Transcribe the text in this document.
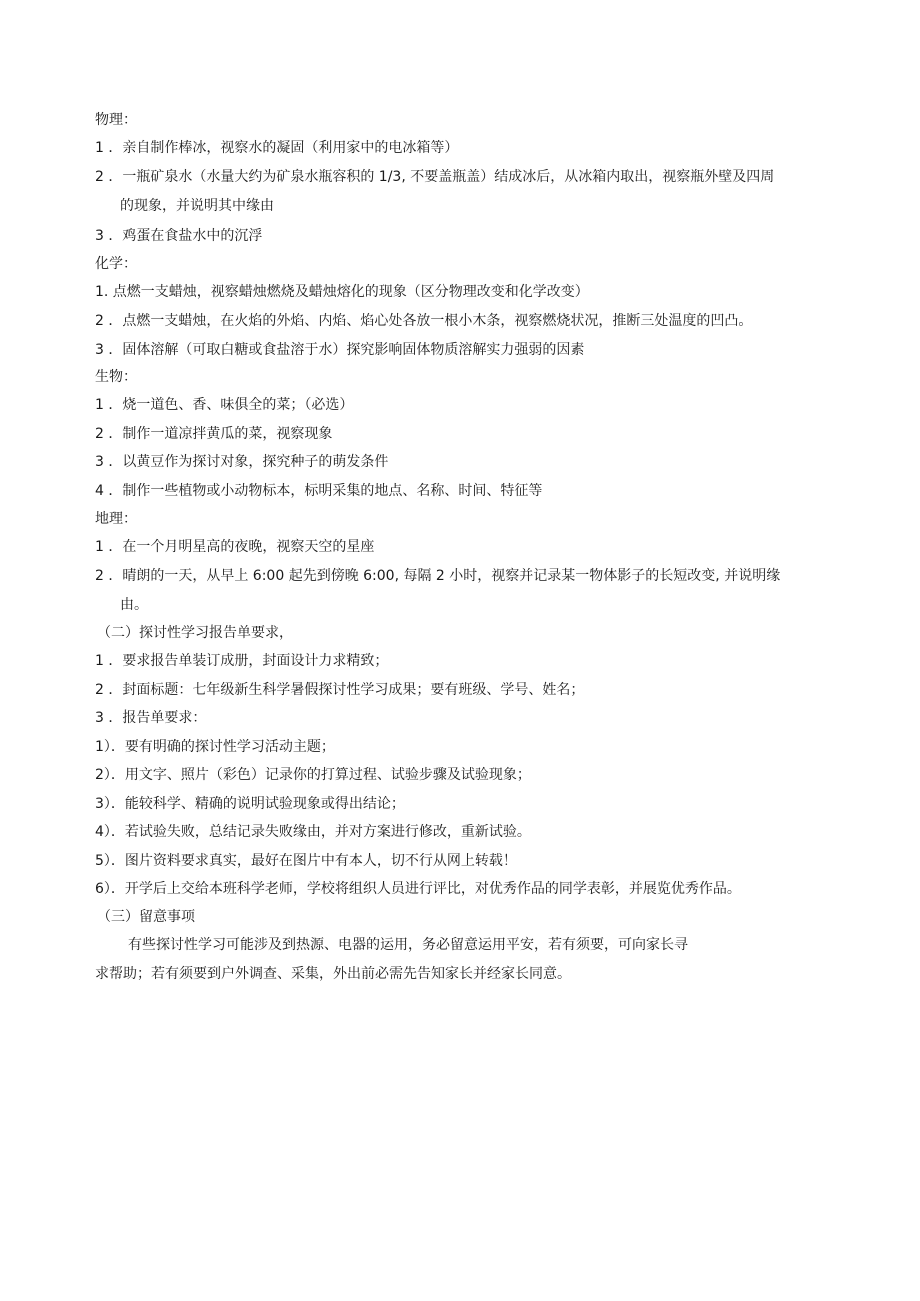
物理：
1 ．亲自制作棒冰，视察水的凝固（利用家中的电冰箱等）
2 ．一瓶矿泉水（水量大约为矿泉水瓶容积的 1/3, 不要盖瓶盖）结成冰后，从冰箱内取出，视察瓶外壁及四周
的现象，并说明其中缘由
3 ．鸡蛋在食盐水中的沉浮
化学：
1. 点燃一支蜡烛，视察蜡烛燃烧及蜡烛熔化的现象（区分物理改变和化学改变）
2 ．点燃一支蜡烛，在火焰的外焰、内焰、焰心处各放一根小木条，视察燃烧状况，推断三处温度的凹凸。
3 ．固体溶解（可取白糖或食盐溶于水）探究影响固体物质溶解实力强弱的因素
生物：
1 ．烧一道色、香、味俱全的菜；（必选）
2 ．制作一道凉拌黄瓜的菜，视察现象
3 ．以黄豆作为探讨对象，探究种子的萌发条件
4 ．制作一些植物或小动物标本，标明采集的地点、名称、时间、特征等
地理：
1 ．在一个月明星高的夜晚，视察天空的星座
2 ．晴朗的一天，从早上 6:00 起先到傍晚 6:00, 每隔 2 小时，视察并记录某一物体影子的长短改变, 并说明缘
由。
（二）探讨性学习报告单要求，
1 ．要求报告单装订成册，封面设计力求精致；
2 ．封面标题：七年级新生科学暑假探讨性学习成果；要有班级、学号、姓名；
3 ．报告单要求：
1）．要有明确的探讨性学习活动主题；
2）．用文字、照片（彩色）记录你的打算过程、试验步骤及试验现象；
3）．能较科学、精确的说明试验现象或得出结论；
4）．若试验失败，总结记录失败缘由，并对方案进行修改，重新试验。
5）．图片资料要求真实，最好在图片中有本人，切不行从网上转载！
6）．开学后上交给本班科学老师，学校将组织人员进行评比，对优秀作品的同学表彰，并展览优秀作品。
（三）留意事项
有些探讨性学习可能涉及到热源、电器的运用，务必留意运用平安，若有须要，可向家长寻
求帮助；若有须要到户外调查、采集，外出前必需先告知家长并经家长同意。
